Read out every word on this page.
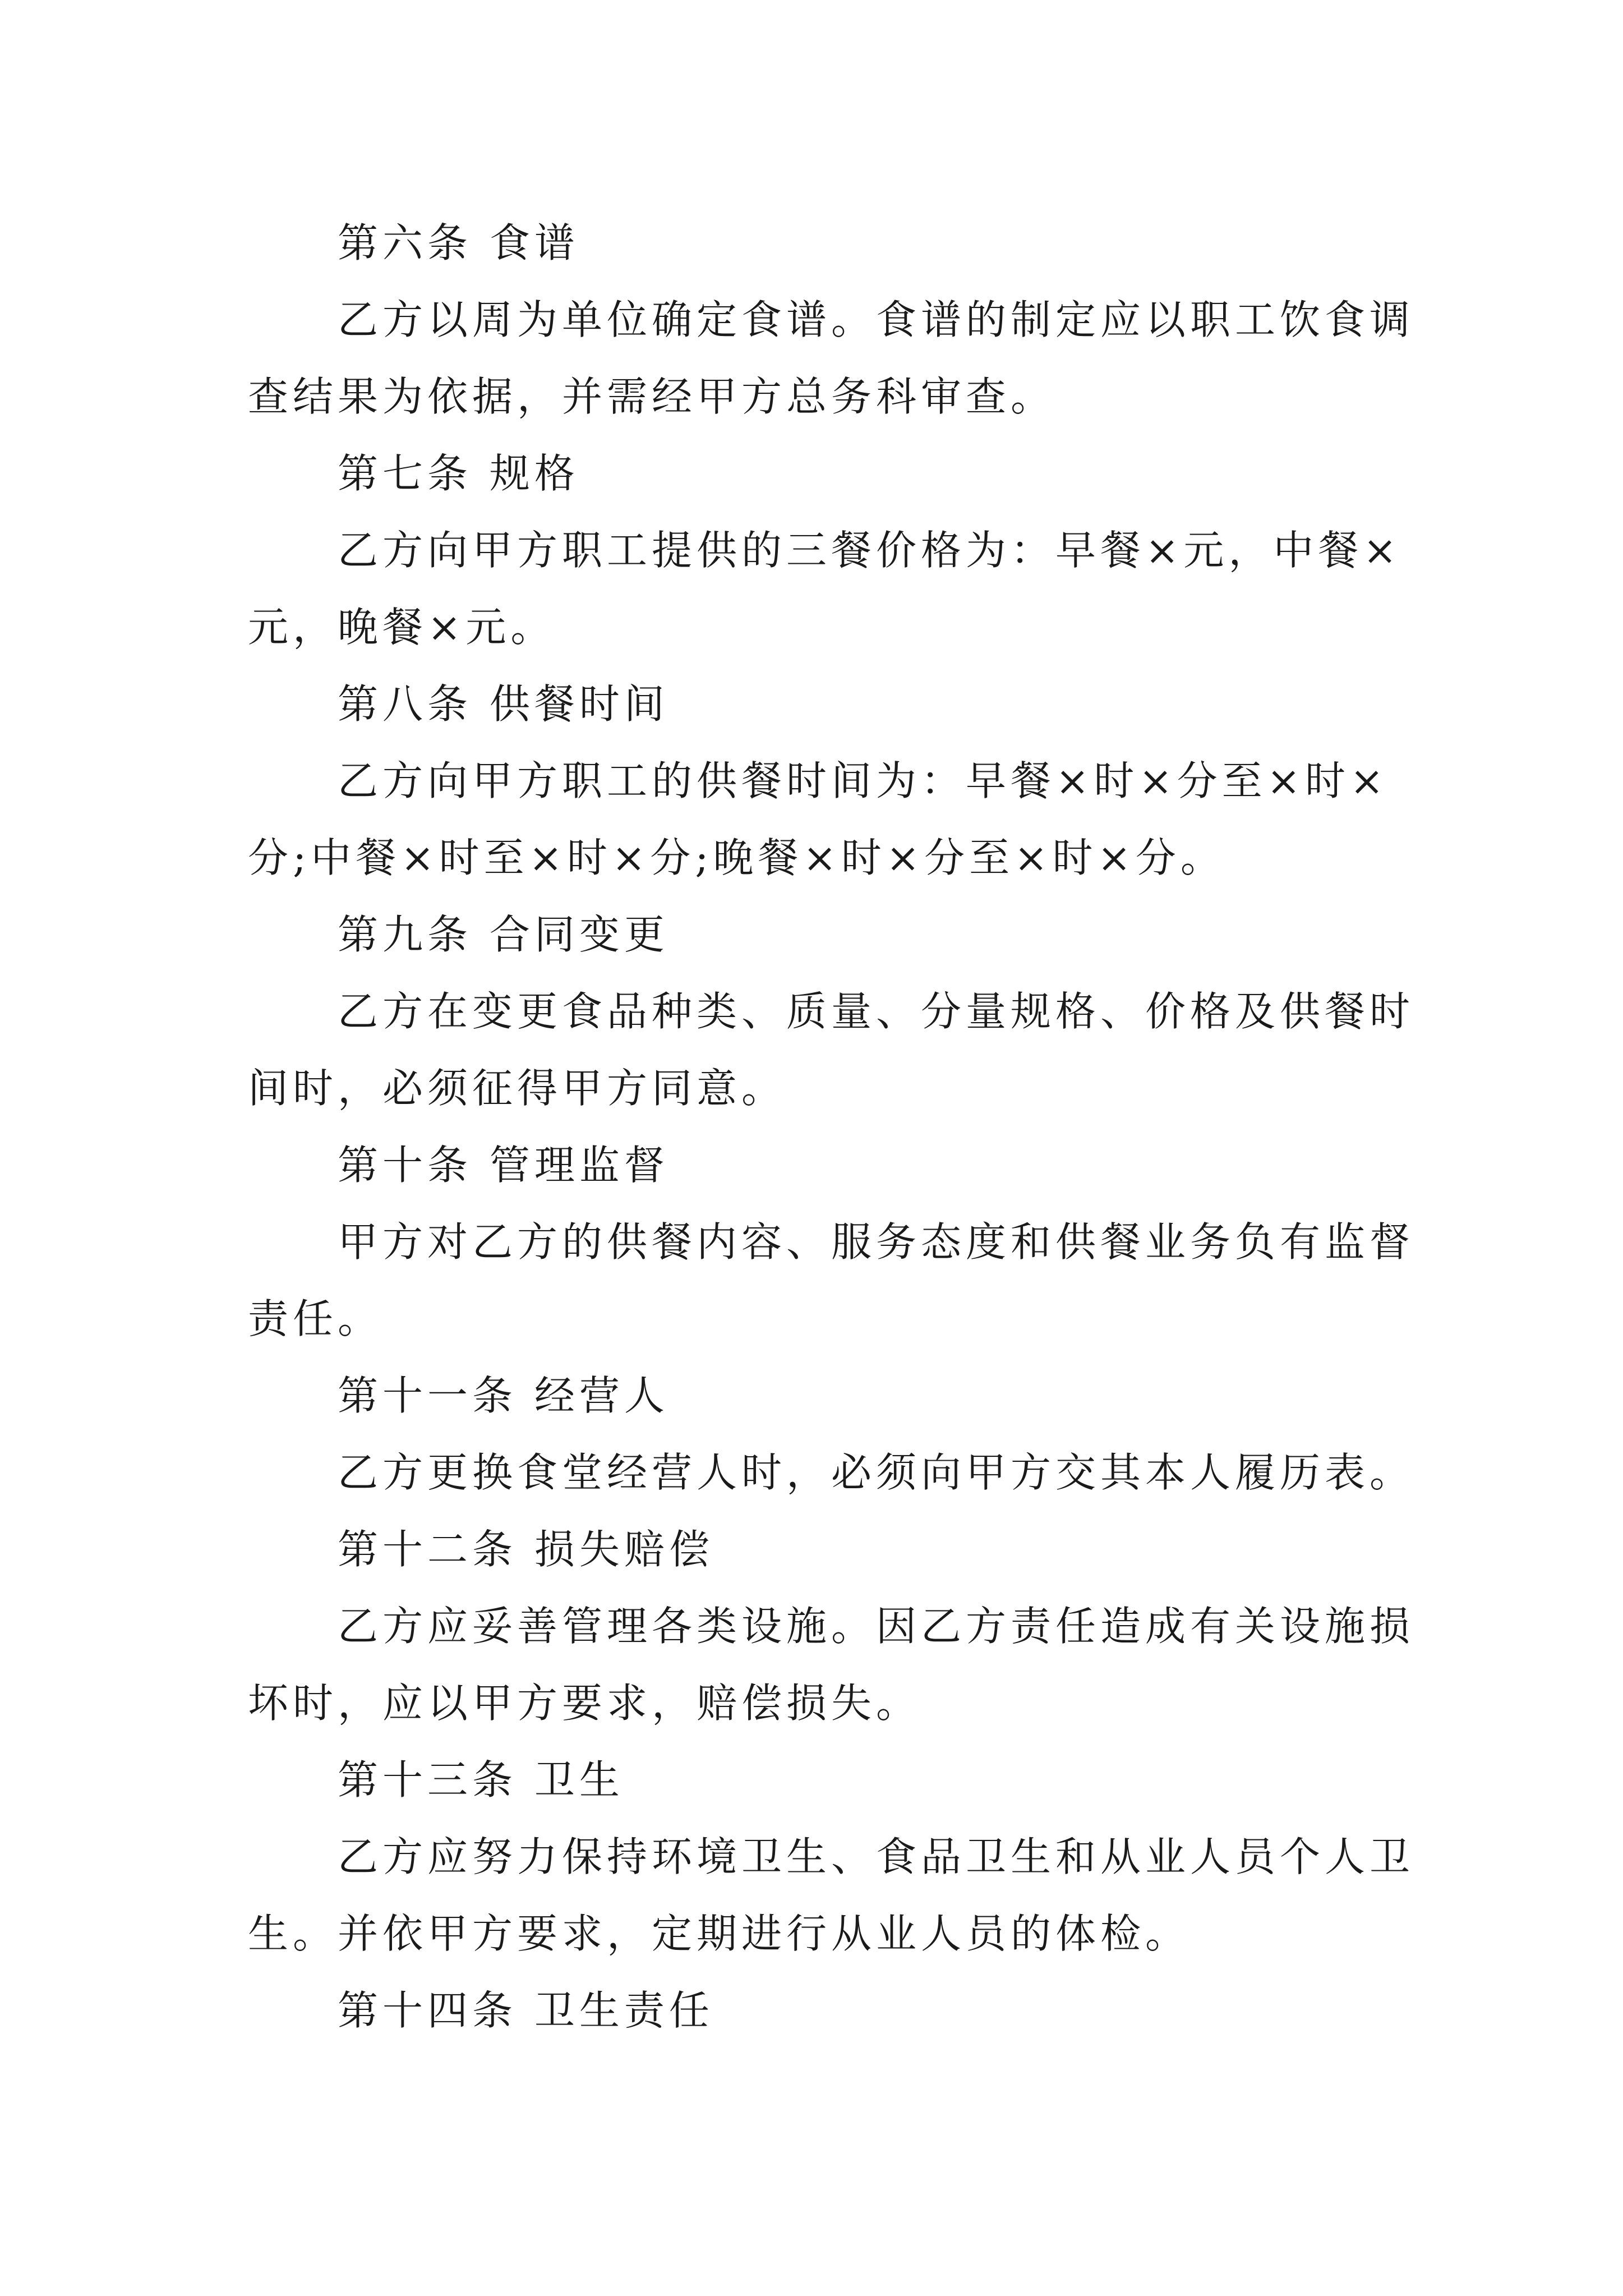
第六条 食谱
乙方以周为单位确定食谱。食谱的制定应以职工饮食调
查结果为依据，并需经甲方总务科审查。
第七条 规格
乙方向甲方职工提供的三餐价格为：早餐×元，中餐×
元，晚餐×元。
第八条 供餐时间
乙方向甲方职工的供餐时间为：早餐×时×分至×时×
分;中餐×时至×时×分;晚餐×时×分至×时×分。
第九条 合同变更
乙方在变更食品种类、质量、分量规格、价格及供餐时
间时，必须征得甲方同意。
第十条 管理监督
甲方对乙方的供餐内容、服务态度和供餐业务负有监督
责任。
第十一条 经营人
乙方更换食堂经营人时，必须向甲方交其本人履历表。
第十二条 损失赔偿
乙方应妥善管理各类设施。因乙方责任造成有关设施损
坏时，应以甲方要求，赔偿损失。
第十三条 卫生
乙方应努力保持环境卫生、食品卫生和从业人员个人卫
生。并依甲方要求，定期进行从业人员的体检。
第十四条 卫生责任
